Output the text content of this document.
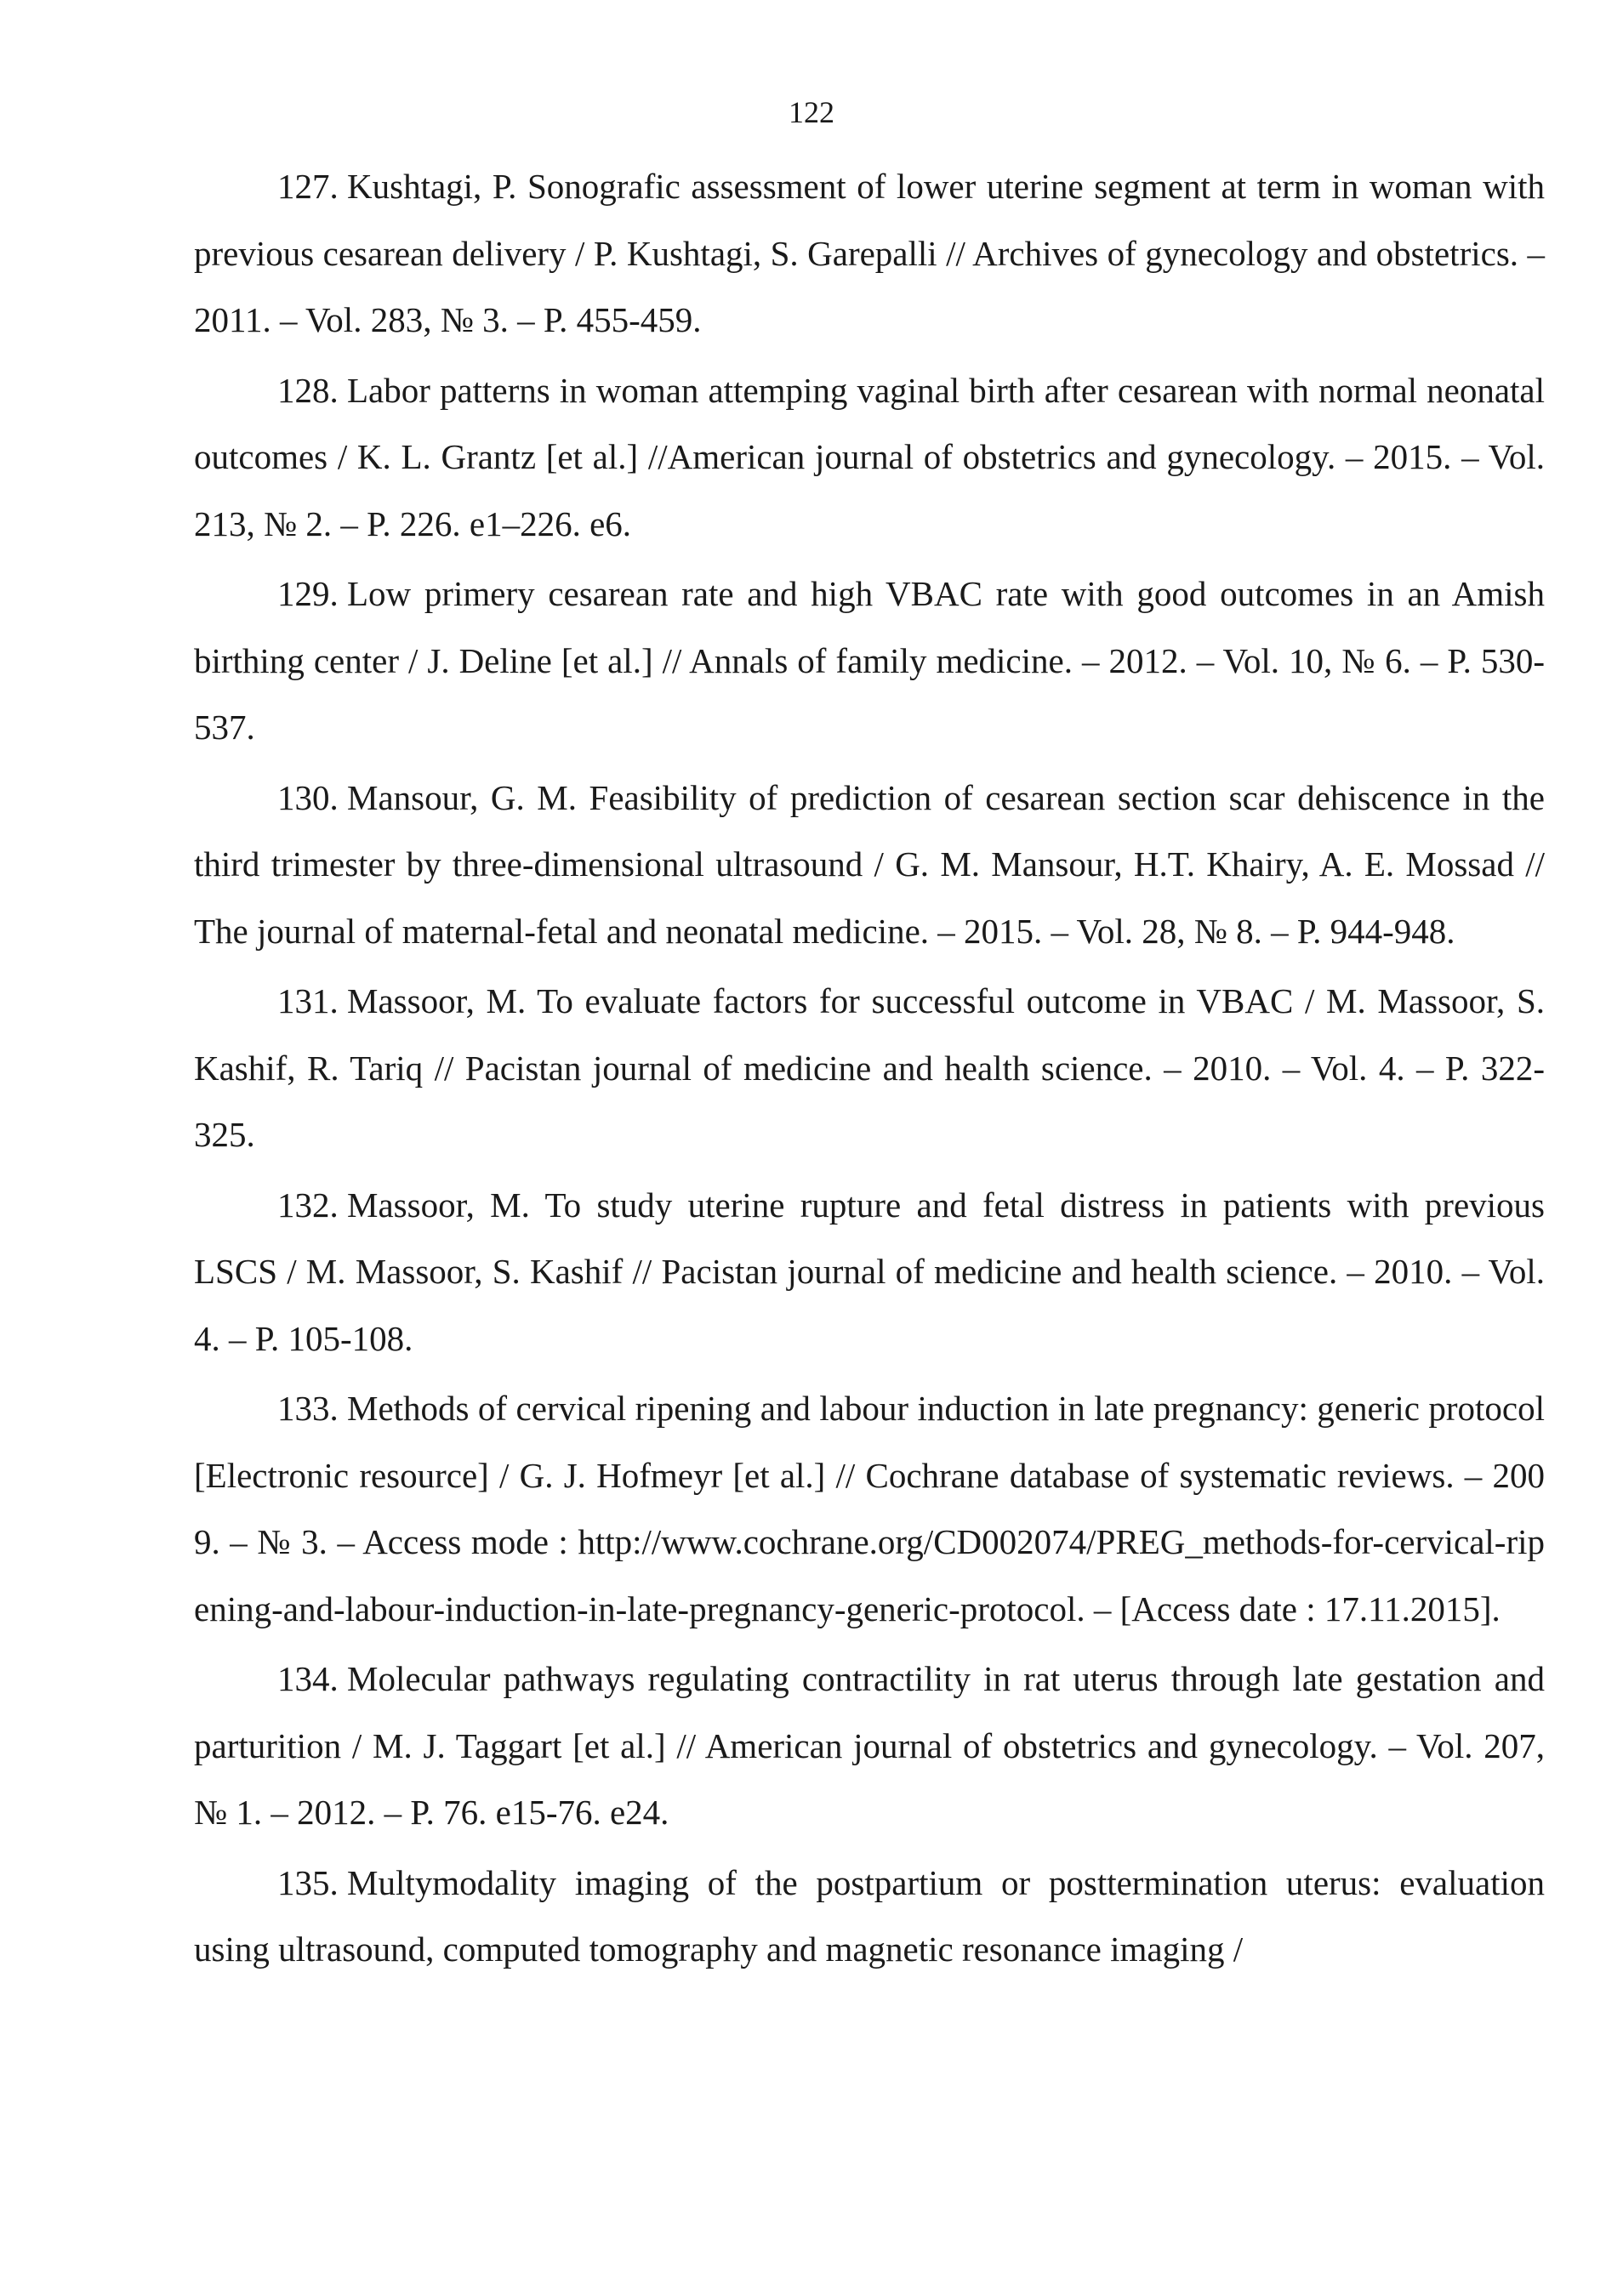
122
127. Kushtagi, P. Sonografic assessment of lower uterine segment at term in woman with previous cesarean delivery / P. Kushtagi, S. Garepalli // Archives of gynecology and obstetrics. – 2011. – Vol. 283, № 3. – P. 455-459.
128. Labor patterns in woman attemping vaginal birth after cesarean with normal neonatal outcomes / K. L. Grantz [et al.] //American journal of obstetrics and gynecology. – 2015. – Vol. 213, № 2. – P. 226. e1–226. e6.
129. Low primery cesarean rate and high VBAC rate with good outcomes in an Amish birthing center / J. Deline [et al.] // Annals of family medicine. – 2012. – Vol. 10, № 6. – P. 530-537.
130. Mansour, G. M. Feasibility of prediction of cesarean section scar dehiscence in the third trimester by three-dimensional ultrasound / G. M. Mansour, H.T. Khairy, A. E. Mossad // The journal of maternal-fetal and neonatal medicine. – 2015. – Vol. 28, № 8. – P. 944-948.
131. Massoor, M. To evaluate factors for successful outcome in VBAC / M. Massoor, S. Kashif, R. Tariq // Pacistan journal of medicine and health science. – 2010. – Vol. 4. – P. 322-325.
132. Massoor, M. To study uterine rupture and fetal distress in patients with previous LSCS / M. Massoor, S. Kashif // Pacistan journal of medicine and health science. – 2010. – Vol. 4. – P. 105-108.
133. Methods of cervical ripening and labour induction in late pregnancy: generic protocol [Electronic resource] / G. J. Hofmeyr [et al.] // Cochrane database of systematic reviews. – 2009. – № 3. – Access mode : http://www.cochrane.org/CD002074/PREG_methods-for-cervical-ripening-and-labour-induction-in-late-pregnancy-generic-protocol. – [Access date : 17.11.2015].
134. Molecular pathways regulating contractility in rat uterus through late gestation and parturition / M. J. Taggart [et al.] // American journal of obstetrics and gynecology. – Vol. 207, № 1. – 2012. – P. 76. e15-76. e24.
135. Multymodality imaging of the postpartium or posttermination uterus: evaluation using ultrasound, computed tomography and magnetic resonance imaging /
